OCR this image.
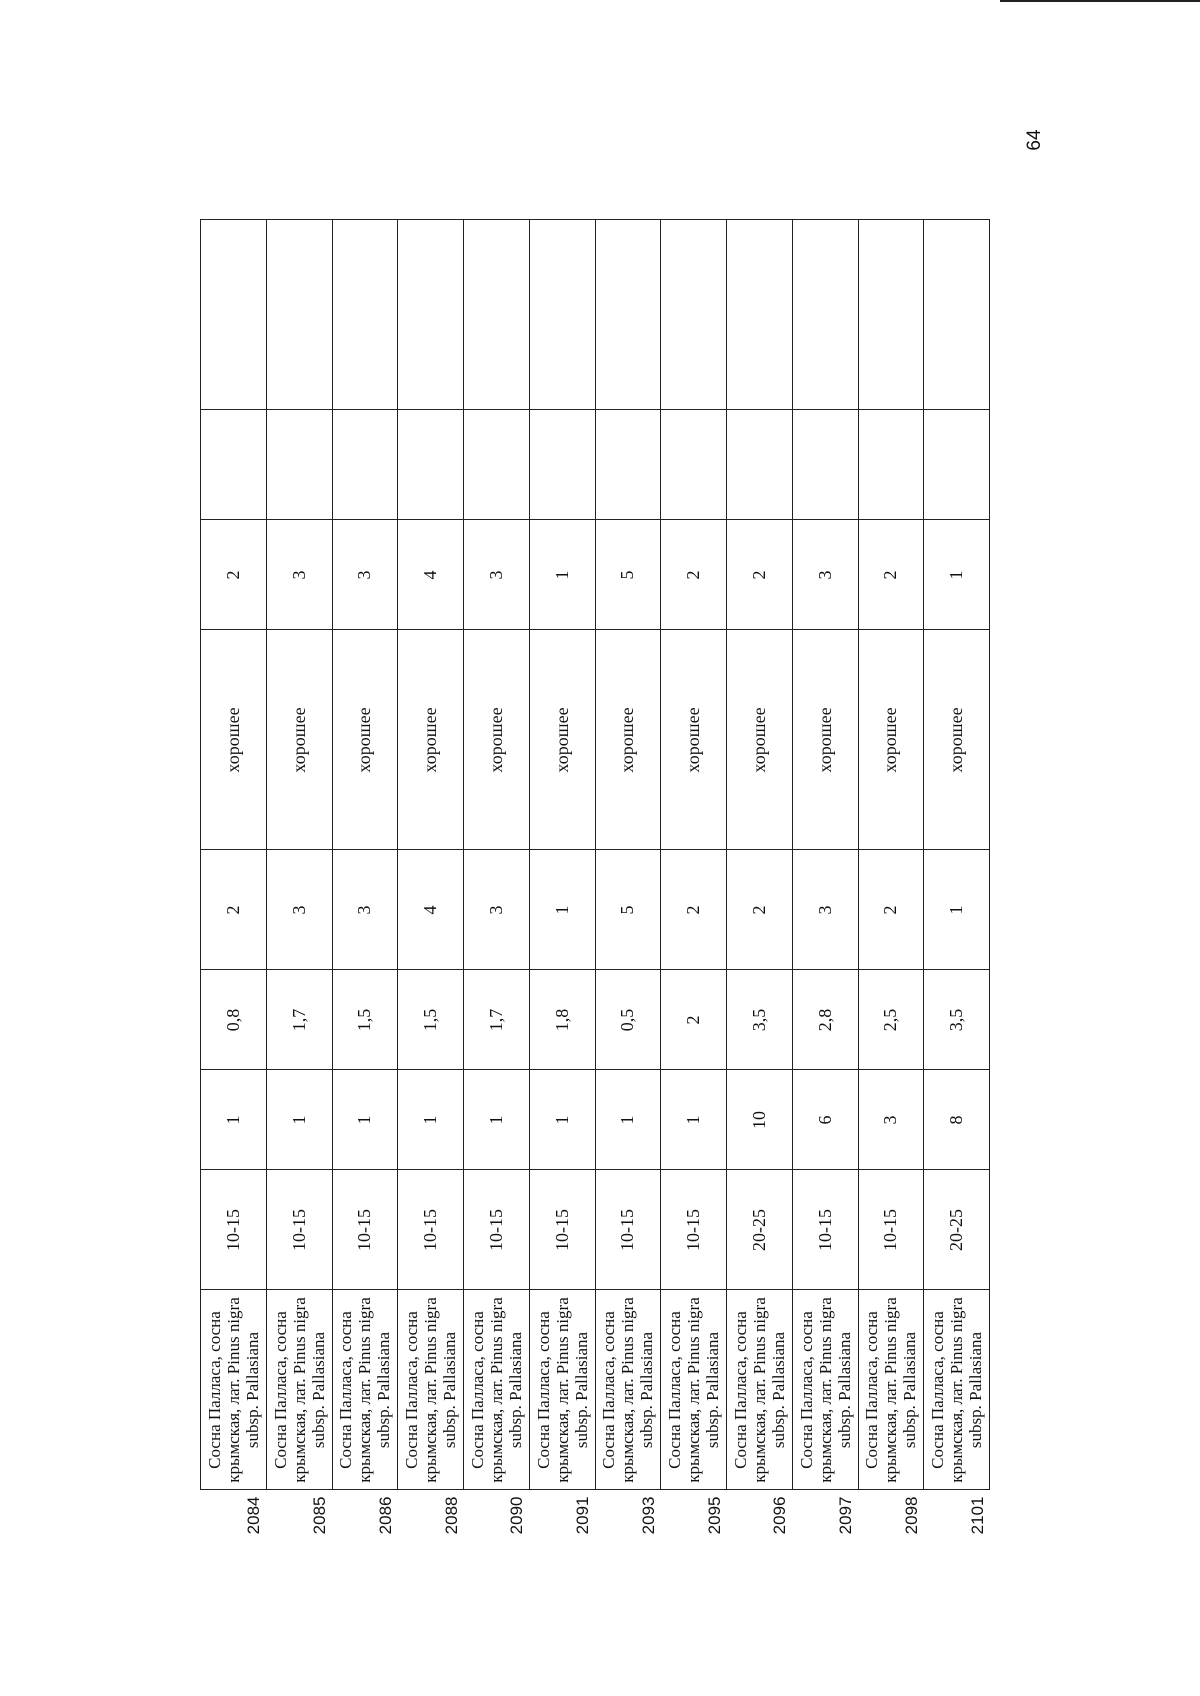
2084	Сосна Палласа, сосна крымская, лат. Pinus nigra subsp. Pallasiana	10-15	1	0,8	2	хорошее	2		
2085	Сосна Палласа, сосна крымская, лат. Pinus nigra subsp. Pallasiana	10-15	1	1,7	3	хорошее	3		
2086	Сосна Палласа, сосна крымская, лат. Pinus nigra subsp. Pallasiana	10-15	1	1,5	3	хорошее	3		
2088	Сосна Палласа, сосна крымская, лат. Pinus nigra subsp. Pallasiana	10-15	1	1,5	4	хорошее	4		
2090	Сосна Палласа, сосна крымская, лат. Pinus nigra subsp. Pallasiana	10-15	1	1,7	3	хорошее	3		
2091	Сосна Палласа, сосна крымская, лат. Pinus nigra subsp. Pallasiana	10-15	1	1,8	1	хорошее	1		
2093	Сосна Палласа, сосна крымская, лат. Pinus nigra subsp. Pallasiana	10-15	1	0,5	5	хорошее	5		
2095	Сосна Палласа, сосна крымская, лат. Pinus nigra subsp. Pallasiana	10-15	1	2	2	хорошее	2		
2096	Сосна Палласа, сосна крымская, лат. Pinus nigra subsp. Pallasiana	20-25	10	3,5	2	хорошее	2		
2097	Сосна Палласа, сосна крымская, лат. Pinus nigra subsp. Pallasiana	10-15	6	2,8	3	хорошее	3		
2098	Сосна Палласа, сосна крымская, лат. Pinus nigra subsp. Pallasiana	10-15	3	2,5	2	хорошее	2		
2101	Сосна Палласа, сосна крымская, лат. Pinus nigra subsp. Pallasiana	20-25	8	3,5	1	хорошее	1		
64
